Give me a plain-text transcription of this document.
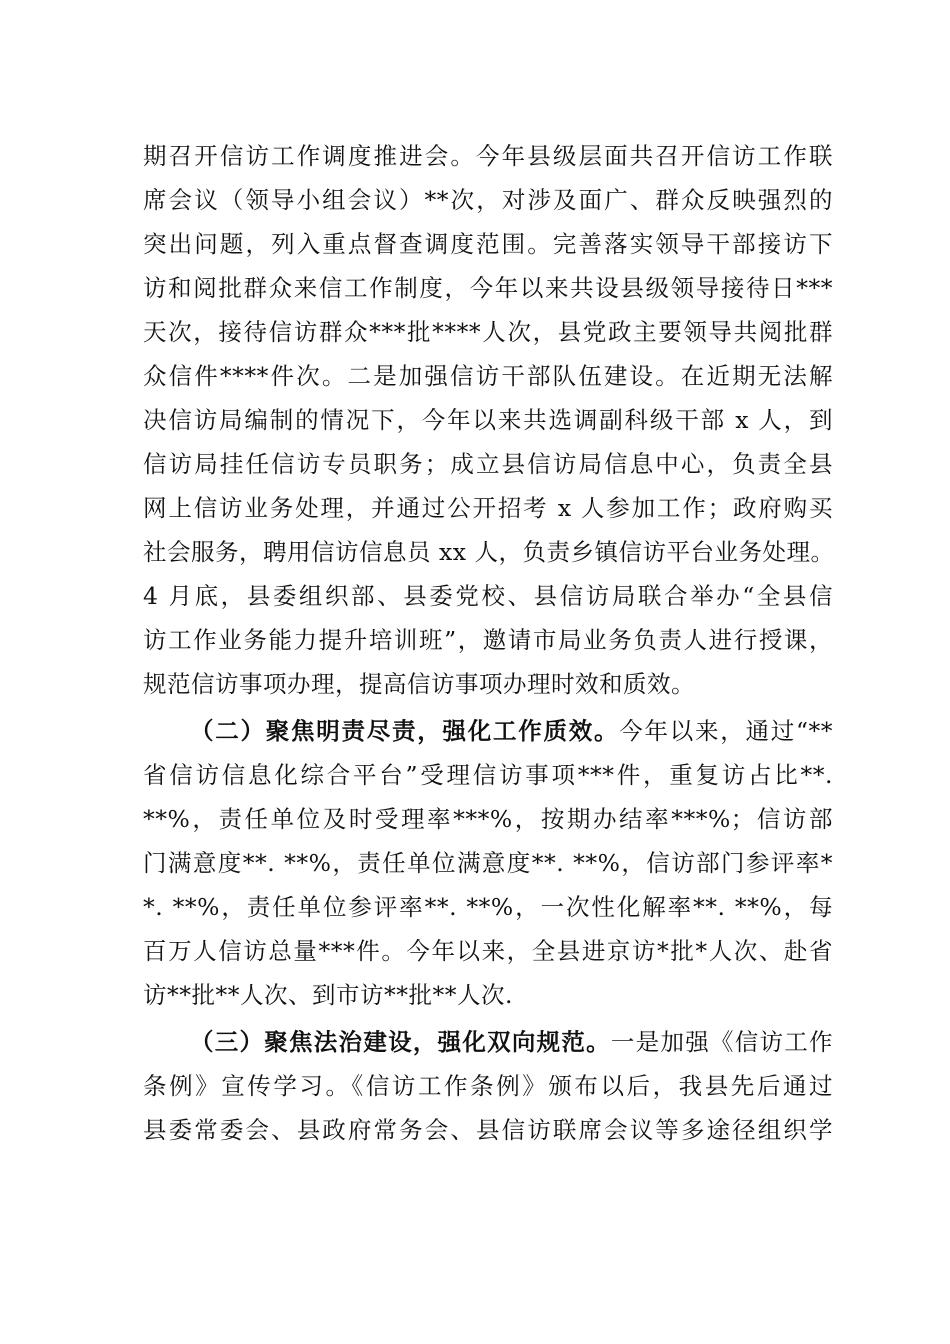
期召开信访工作调度推进会。今年县级层面共召开信访工作联
席会议（领导小组会议）**次，对涉及面广、群众反映强烈的
突出问题，列入重点督查调度范围。完善落实领导干部接访下
访和阅批群众来信工作制度，今年以来共设县级领导接待日***
天次，接待信访群众***批****人次，县党政主要领导共阅批群
众信件****件次。二是加强信访干部队伍建设。在近期无法解
决信访局编制的情况下，今年以来共选调副科级干部 x 人，到
信访局挂任信访专员职务；成立县信访局信息中心，负责全县
网上信访业务处理，并通过公开招考 x 人参加工作；政府购买
社会服务，聘用信访信息员 xx 人，负责乡镇信访平台业务处理。
4 月底，县委组织部、县委党校、县信访局联合举办“全县信
访工作业务能力提升培训班”，邀请市局业务负责人进行授课，
规范信访事项办理，提高信访事项办理时效和质效。
（二）聚焦明责尽责，强化工作质效。今年以来，通过“**
省信访信息化综合平台”受理信访事项***件，重复访占比**.
**%，责任单位及时受理率***%，按期办结率***%；信访部
门满意度**. **%，责任单位满意度**. **%，信访部门参评率*
*. **%，责任单位参评率**. **%，一次性化解率**. **%，每
百万人信访总量***件。今年以来，全县进京访*批*人次、赴省
访**批**人次、到市访**批**人次.
（三）聚焦法治建设，强化双向规范。一是加强《信访工作
条例》宣传学习。《信访工作条例》颁布以后，我县先后通过
县委常委会、县政府常务会、县信访联席会议等多途径组织学
